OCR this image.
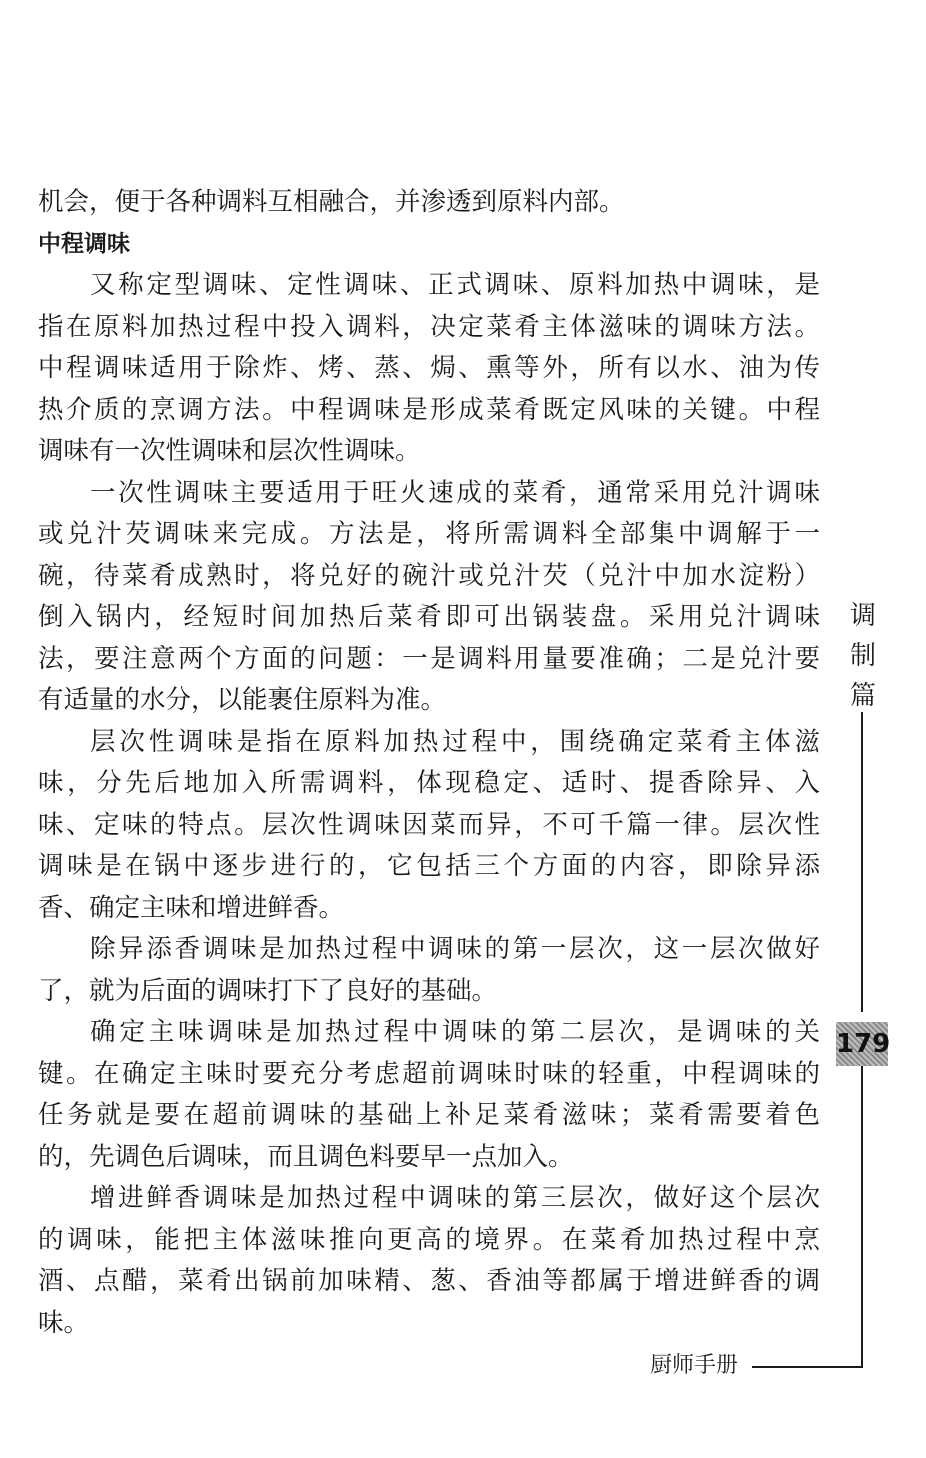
机会，便于各种调料互相融合，并渗透到原料内部。
中程调味
又称定型调味、定性调味、正式调味、原料加热中调味，是
指在原料加热过程中投入调料，决定菜肴主体滋味的调味方法。
中程调味适用于除炸、烤、蒸、焗、熏等外，所有以水、油为传
热介质的烹调方法。中程调味是形成菜肴既定风味的关键。中程
调味有一次性调味和层次性调味。
一次性调味主要适用于旺火速成的菜肴，通常采用兑汁调味
或兑汁芡调味来完成。方法是，将所需调料全部集中调解于一
碗，待菜肴成熟时，将兑好的碗汁或兑汁芡（兑汁中加水淀粉）
倒入锅内，经短时间加热后菜肴即可出锅装盘。采用兑汁调味
法，要注意两个方面的问题：一是调料用量要准确；二是兑汁要
有适量的水分，以能裹住原料为准。
层次性调味是指在原料加热过程中，围绕确定菜肴主体滋
味，分先后地加入所需调料，体现稳定、适时、提香除异、入
味、定味的特点。层次性调味因菜而异，不可千篇一律。层次性
调味是在锅中逐步进行的，它包括三个方面的内容，即除异添
香、确定主味和增进鲜香。
除异添香调味是加热过程中调味的第一层次，这一层次做好
了，就为后面的调味打下了良好的基础。
确定主味调味是加热过程中调味的第二层次，是调味的关
键。在确定主味时要充分考虑超前调味时味的轻重，中程调味的
任务就是要在超前调味的基础上补足菜肴滋味；菜肴需要着色
的，先调色后调味，而且调色料要早一点加入。
增进鲜香调味是加热过程中调味的第三层次，做好这个层次
的调味，能把主体滋味推向更高的境界。在菜肴加热过程中烹
酒、点醋，菜肴出锅前加味精、葱、香油等都属于增进鲜香的调
味。
调
制
篇
179
厨师手册
